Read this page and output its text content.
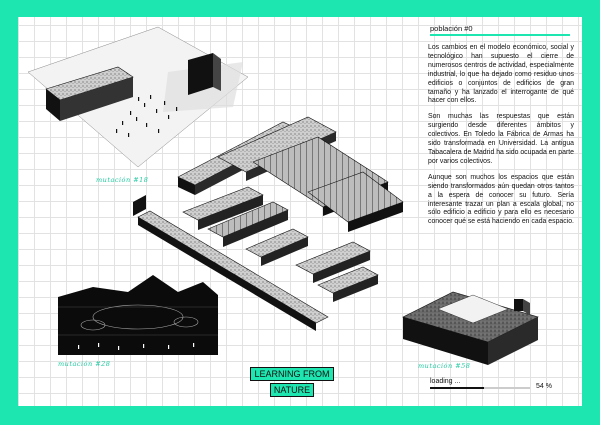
población #0

Los cambios en el modelo económico, social y tecnológico han supuesto el cierre de numerosos centros de actividad, especialmente industrial, lo que ha dejado como residuo unos edificios o conjuntos de edificios de gran tamaño y ha lanzado el interrogante de qué hacer con ellos.

Son muchas las respuestas que están surgiendo desde diferentes ámbitos y colectivos. En Toledo la Fábrica de Armas ha sido transformada en Universidad. La antigua Tabacalera de Madrid ha sido ocupada en parte por varios colectivos.

Aunque son muchos los espacios que están siendo transformados aún quedan otros tantos a la espera de conocer su futuro. Sería interesante trazar un plan a escala global, no sólo edificio a edificio y para ello es necesario conocer qué se está haciendo en cada espacio.

mutación #18
mutación #28	mutación #58
LEARNING FROM
NATURE
loading ...
54 %
